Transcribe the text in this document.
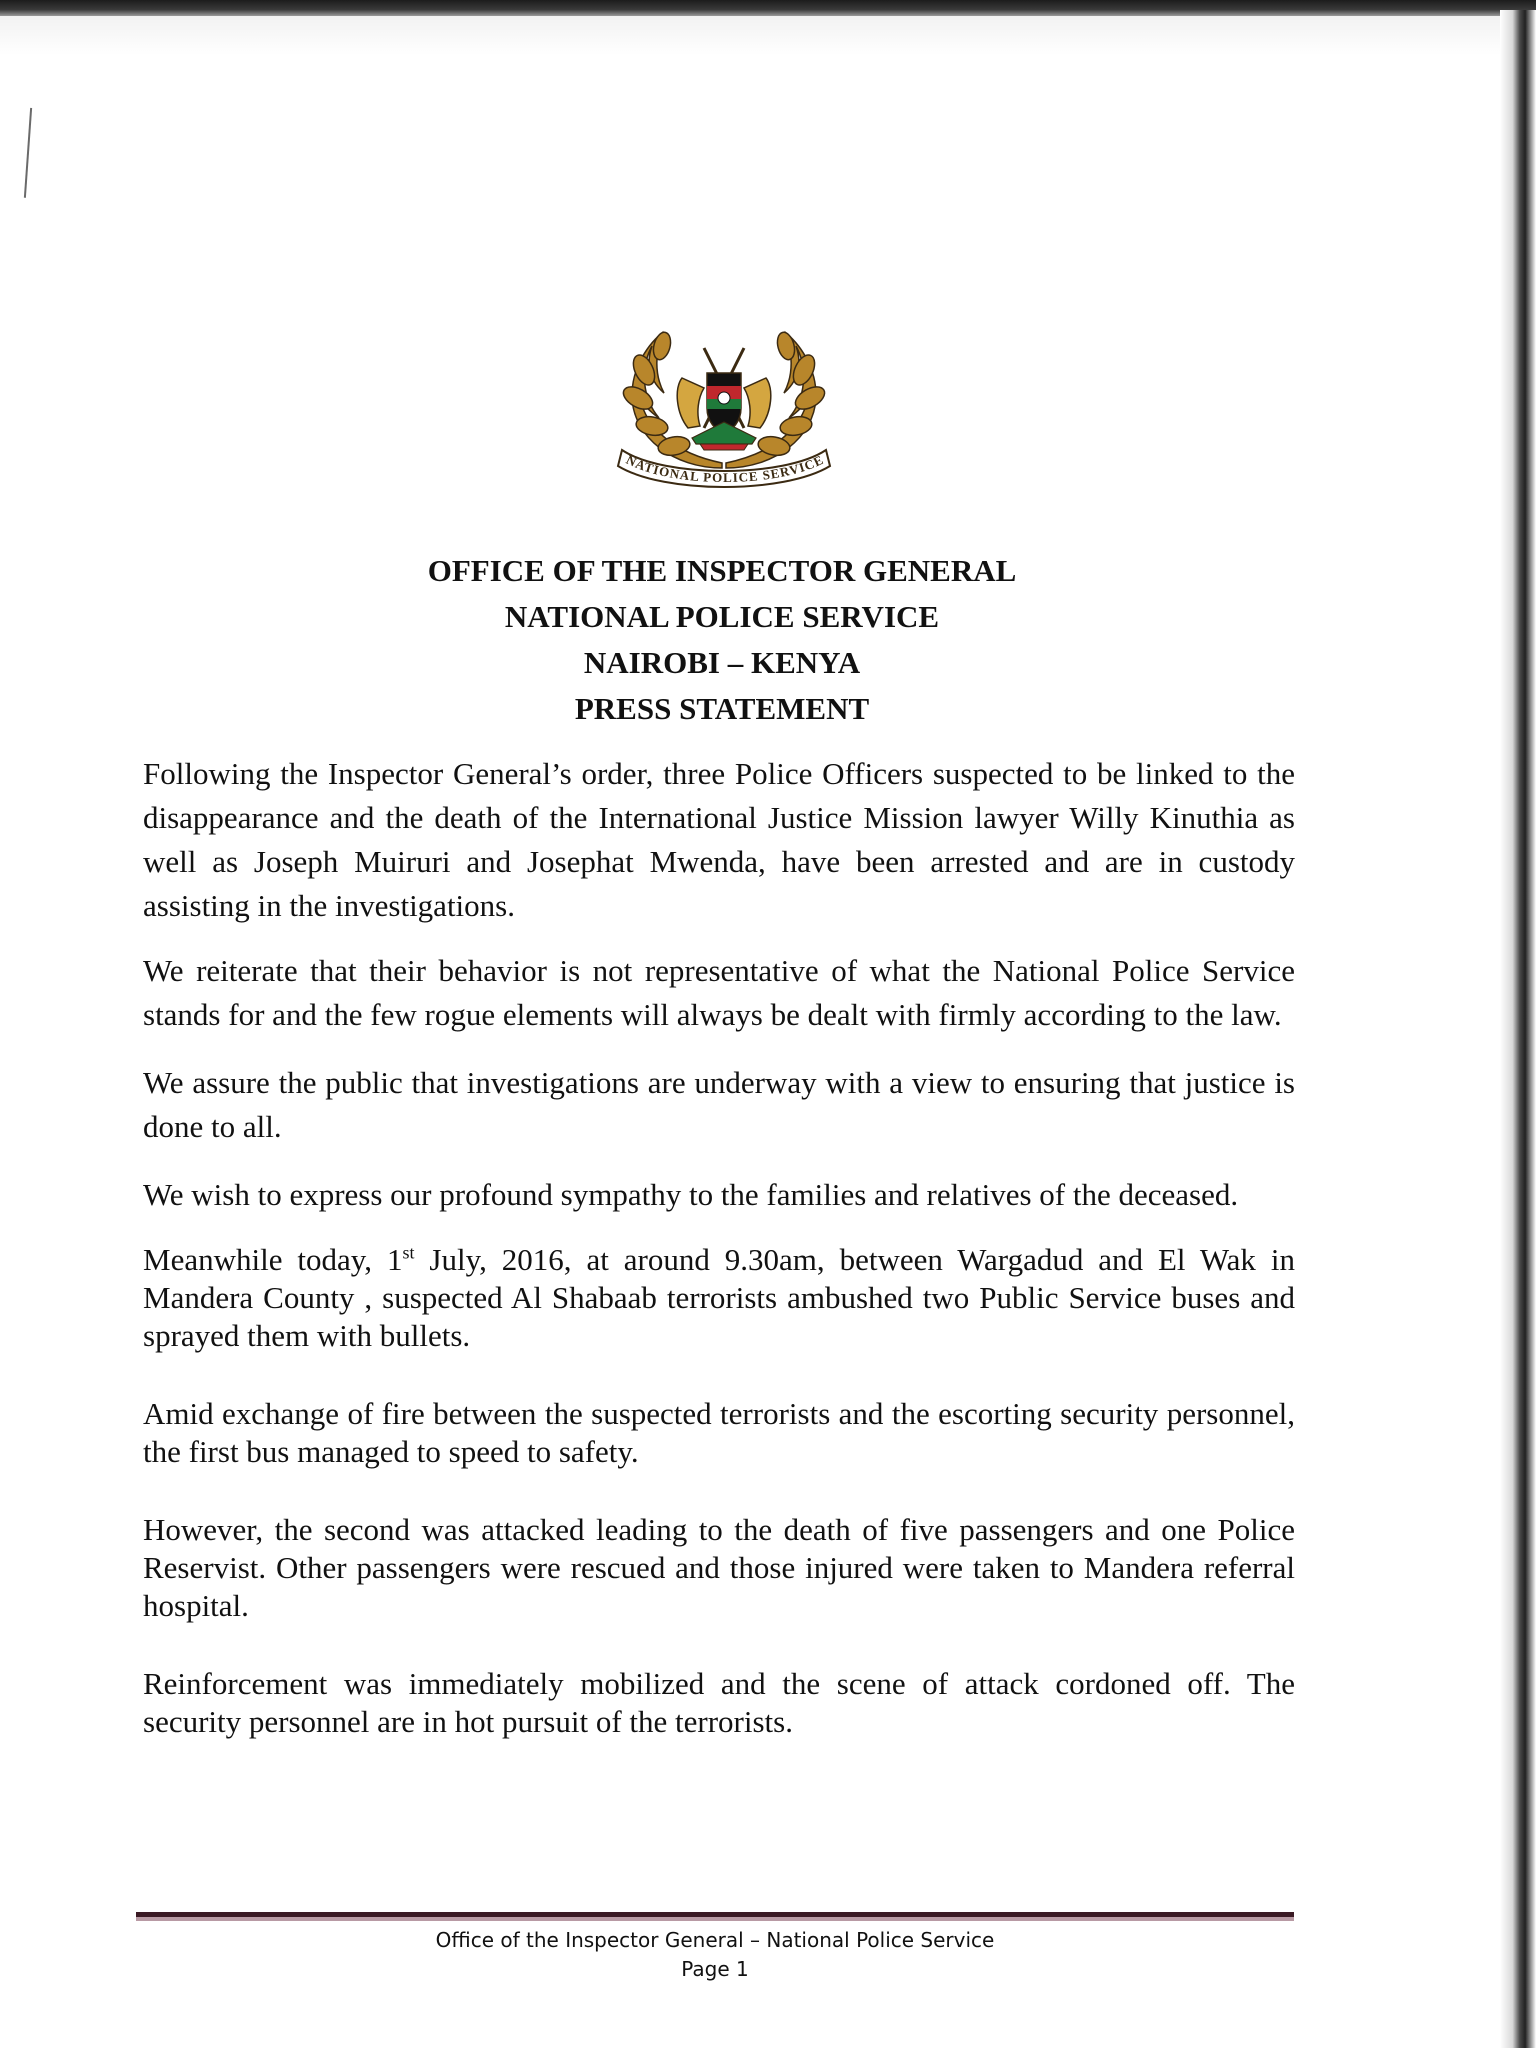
NATIONAL POLICE SERVICE
OFFICE OF THE INSPECTOR GENERAL
NATIONAL POLICE SERVICE
NAIROBI – KENYA
PRESS STATEMENT

Following the Inspector General’s order, three Police Officers suspected to be linked to the disappearance and the death of the International Justice Mission lawyer Willy Kinuthia as well as Joseph Muiruri and Josephat Mwenda, have been arrested and are in custody assisting in the investigations.

We reiterate that their behavior is not representative of what the National Police Service stands for and the few rogue elements will always be dealt with firmly according to the law.

We assure the public that investigations are underway with a view to ensuring that justice is done to all.

We wish to express our profound sympathy to the families and relatives of the deceased.

Meanwhile today, 1st July, 2016, at around 9.30am, between Wargadud and El Wak in Mandera County , suspected Al Shabaab terrorists ambushed two Public Service buses and sprayed them with bullets.

Amid exchange of fire between the suspected terrorists and the escorting security personnel, the first bus managed to speed to safety.

However, the second was attacked leading to the death of five passengers and one Police Reservist. Other passengers were rescued and those injured were taken to Mandera referral hospital.

Reinforcement was immediately mobilized and the scene of attack cordoned off. The security personnel are in hot pursuit of the terrorists.

Office of the Inspector General – National Police Service
Page 1
